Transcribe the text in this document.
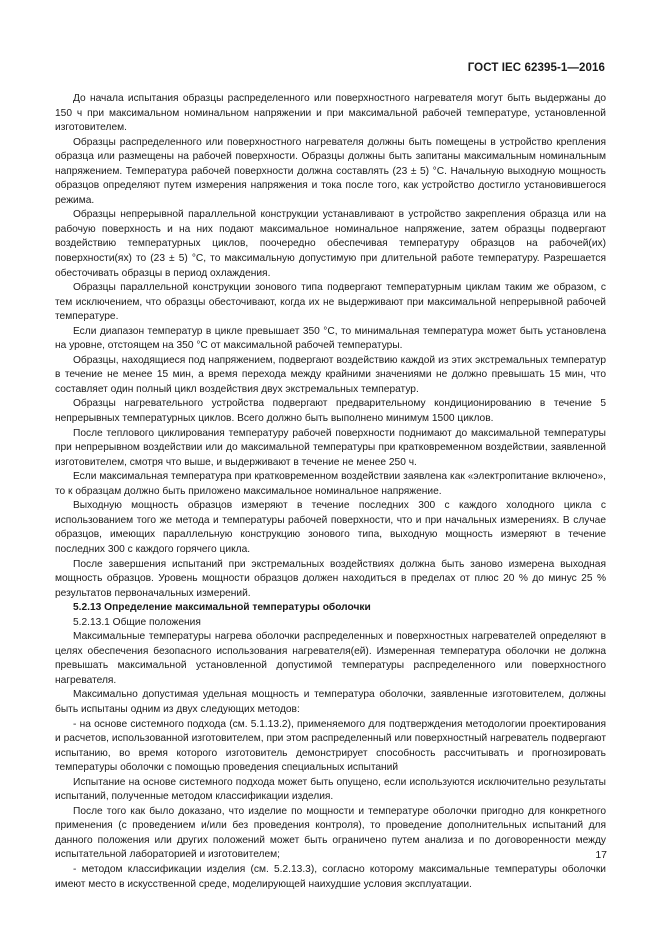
ГОСТ IEC 62395-1—2016

До начала испытания образцы распределенного или поверхностного нагревателя могут быть выдержаны до 150 ч при максимальном номинальном напряжении и при максимальной рабочей температуре, установленной изготовителем.

Образцы распределенного или поверхностного нагревателя должны быть помещены в устройство крепления образца или размещены на рабочей поверхности. Образцы должны быть запитаны максимальным номинальным напряжением. Температура рабочей поверхности должна составлять (23 ± 5) °С. Начальную выходную мощность образцов определяют путем измерения напряжения и тока после того, как устройство достигло установившегося режима.

Образцы непрерывной параллельной конструкции устанавливают в устройство закрепления образца или на рабочую поверхность и на них подают максимальное номинальное напряжение, затем образцы подвергают воздействию температурных циклов, поочередно обеспечивая температуру образцов на рабочей(их) поверхности(ях) то (23 ± 5) °С, то максимальную допустимую при длительной работе температуру. Разрешается обесточивать образцы в период охлаждения.

Образцы параллельной конструкции зонового типа подвергают температурным циклам таким же образом, с тем исключением, что образцы обесточивают, когда их не выдерживают при максимальной непрерывной рабочей температуре.

Если диапазон температур в цикле превышает 350 °С, то минимальная температура может быть установлена на уровне, отстоящем на 350 °С от максимальной рабочей температуры.

Образцы, находящиеся под напряжением, подвергают воздействию каждой из этих экстремальных температур в течение не менее 15 мин, а время перехода между крайними значениями не должно превышать 15 мин, что составляет один полный цикл воздействия двух экстремальных температур.

Образцы нагревательного устройства подвергают предварительному кондиционированию в течение 5 непрерывных температурных циклов. Всего должно быть выполнено минимум 1500 циклов.

После теплового циклирования температуру рабочей поверхности поднимают до максимальной температуры при непрерывном воздействии или до максимальной температуры при кратковременном воздействии, заявленной изготовителем, смотря что выше, и выдерживают в течение не менее 250 ч.

Если максимальная температура при кратковременном воздействии заявлена как «электропитание включено», то к образцам должно быть приложено максимальное номинальное напряжение.

Выходную мощность образцов измеряют в течение последних 300 с каждого холодного цикла с использованием того же метода и температуры рабочей поверхности, что и при начальных измерениях. В случае образцов, имеющих параллельную конструкцию зонового типа, выходную мощность измеряют в течение последних 300 с каждого горячего цикла.

После завершения испытаний при экстремальных воздействиях должна быть заново измерена выходная мощность образцов. Уровень мощности образцов должен находиться в пределах от плюс 20 % до минус 25 % результатов первоначальных измерений.

5.2.13 Определение максимальной температуры оболочки

5.2.13.1 Общие положения

Максимальные температуры нагрева оболочки распределенных и поверхностных нагревателей определяют в целях обеспечения безопасного использования нагревателя(ей). Измеренная температура оболочки не должна превышать максимальной установленной допустимой температуры распределенного или поверхностного нагревателя.

Максимально допустимая удельная мощность и температура оболочки, заявленные изготовителем, должны быть испытаны одним из двух следующих методов:

- на основе системного подхода (см. 5.1.13.2), применяемого для подтверждения методологии проектирования и расчетов, использованной изготовителем, при этом распределенный или поверхностный нагреватель подвергают испытанию, во время которого изготовитель демонстрирует способность рассчитывать и прогнозировать температуры оболочки с помощью проведения специальных испытаний

Испытание на основе системного подхода может быть опущено, если используются исключительно результаты испытаний, полученные методом классификации изделия.

После того как было доказано, что изделие по мощности и температуре оболочки пригодно для конкретного применения (с проведением и/или без проведения контроля), то проведение дополнительных испытаний для данного положения или других положений может быть ограничено путем анализа и по договоренности между испытательной лабораторией и изготовителем;

- методом классификации изделия (см. 5.2.13.3), согласно которому максимальные температуры оболочки имеют место в искусственной среде, моделирующей наихудшие условия эксплуатации.

17
